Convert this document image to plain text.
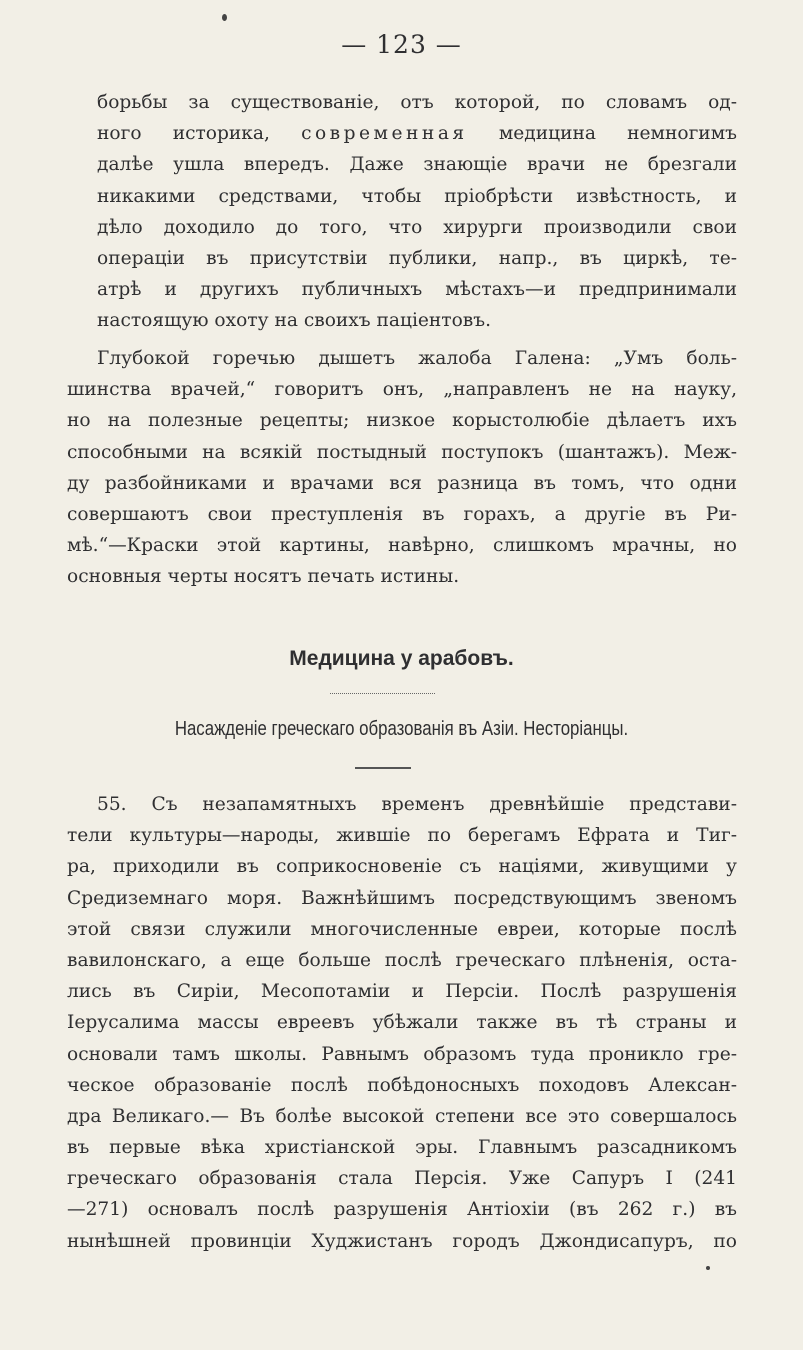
— 123 —
борьбы за существованіе, отъ которой, по словамъ од-
ного историка, современная медицина немногимъ
далѣе ушла впередъ. Даже знающіе врачи не брезгали
никакими средствами, чтобы пріобрѣсти извѣстность, и
дѣло доходило до того, что хирурги производили свои
операціи въ присутствіи публики, напр., въ циркѣ, те-
атрѣ и другихъ публичныхъ мѣстахъ—и предпринимали
настоящую охоту на своихъ паціентовъ.
Глубокой горечью дышетъ жалоба Галена: „Умъ боль-
шинства врачей,“ говоритъ онъ, „направленъ не на науку,
но на полезные рецепты; низкое корыстолюбіе дѣлаетъ ихъ
способными на всякій постыдный поступокъ (шантажъ). Меж-
ду разбойниками и врачами вся разница въ томъ, что одни
совершаютъ свои преступленія въ горахъ, а другіе въ Ри-
мѣ.“—Краски этой картины, навѣрно, слишкомъ мрачны, но
основныя черты носятъ печать истины.
Медицина у арабовъ.
Насажденіе греческаго образованія въ Азіи. Несторіанцы.
55. Съ незапамятныхъ временъ древнѣйшіе представи-
тели культуры—народы, жившіе по берегамъ Ефрата и Тиг-
ра, приходили въ соприкосновеніе съ націями, живущими у
Средиземнаго моря. Важнѣйшимъ посредствующимъ звеномъ
этой связи служили многочисленные евреи, которые послѣ
вавилонскаго, а еще больше послѣ греческаго плѣненія, оста-
лись въ Сиріи, Месопотаміи и Персіи. Послѣ разрушенія
Іерусалима массы евреевъ убѣжали также въ тѣ страны и
основали тамъ школы. Равнымъ образомъ туда проникло гре-
ческое образованіе послѣ побѣдоносныхъ походовъ Алексан-
дра Великаго.— Въ болѣе высокой степени все это совершалось
въ первые вѣка христіанской эры. Главнымъ разсадникомъ
греческаго образованія стала Персія. Уже Сапуръ І (241
—271) основалъ послѣ разрушенія Антіохіи (въ 262 г.) въ
нынѣшней провинціи Худжистанъ городъ Джондисапуръ, по
